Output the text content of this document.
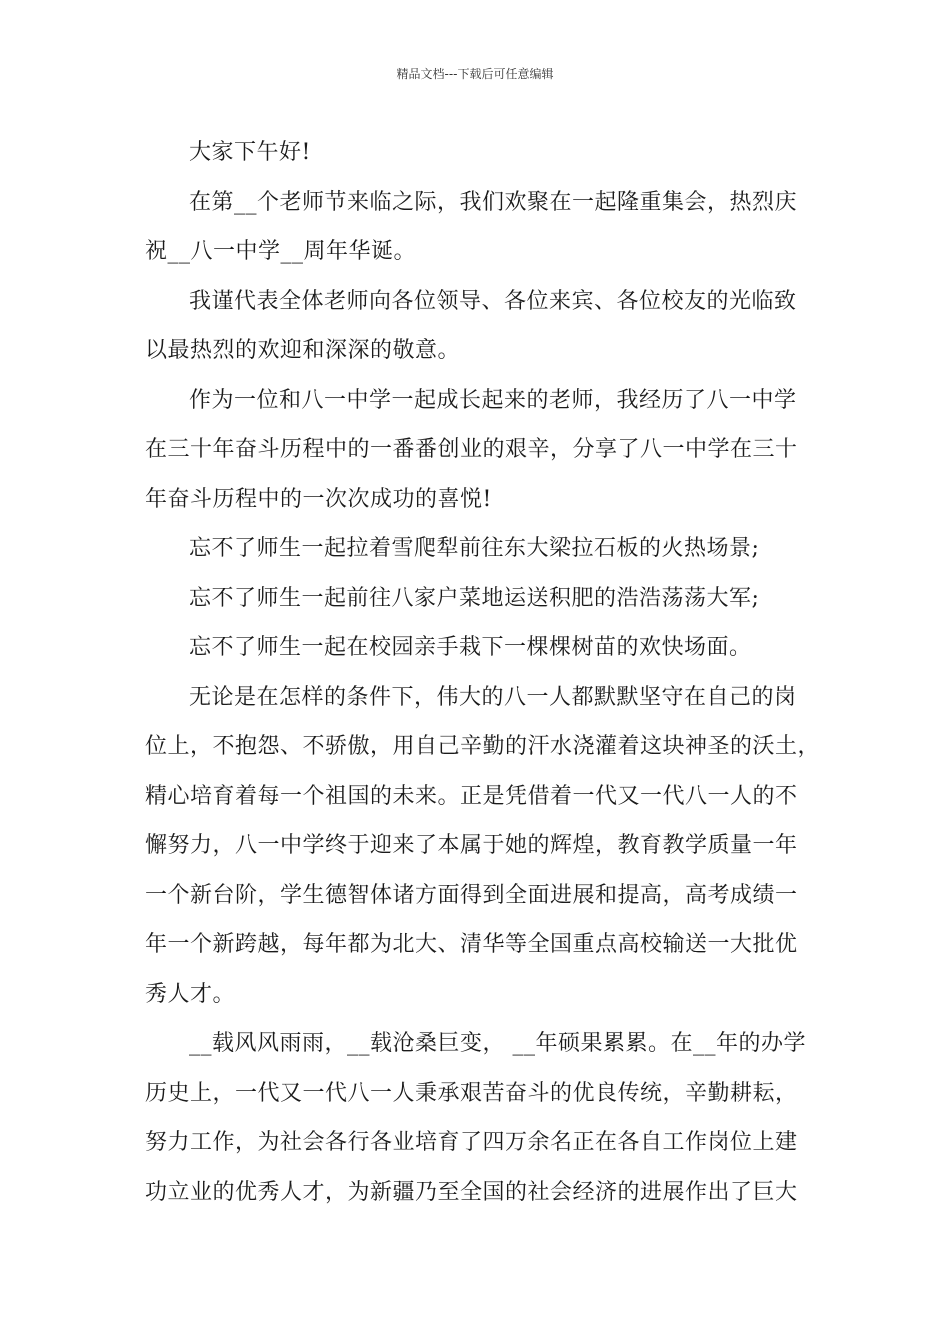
精品文档---下载后可任意编辑
大家下午好!
在第__个老师节来临之际，我们欢聚在一起隆重集会，热烈庆
祝__八一中学__周年华诞。
我谨代表全体老师向各位领导、各位来宾、各位校友的光临致
以最热烈的欢迎和深深的敬意。
作为一位和八一中学一起成长起来的老师，我经历了八一中学
在三十年奋斗历程中的一番番创业的艰辛，分享了八一中学在三十
年奋斗历程中的一次次成功的喜悦!
忘不了师生一起拉着雪爬犁前往东大梁拉石板的火热场景;
忘不了师生一起前往八家户菜地运送积肥的浩浩荡荡大军;
忘不了师生一起在校园亲手栽下一棵棵树苗的欢快场面。
无论是在怎样的条件下，伟大的八一人都默默坚守在自己的岗
位上，不抱怨、不骄傲，用自己辛勤的汗水浇灌着这块神圣的沃土，
精心培育着每一个祖国的未来。正是凭借着一代又一代八一人的不
懈努力，八一中学终于迎来了本属于她的辉煌，教育教学质量一年
一个新台阶，学生德智体诸方面得到全面进展和提高，高考成绩一
年一个新跨越，每年都为北大、清华等全国重点高校输送一大批优
秀人才。
__载风风雨雨，__载沧桑巨变， __年硕果累累。在__年的办学
历史上，一代又一代八一人秉承艰苦奋斗的优良传统，辛勤耕耘，
努力工作，为社会各行各业培育了四万余名正在各自工作岗位上建
功立业的优秀人才，为新疆乃至全国的社会经济的进展作出了巨大
